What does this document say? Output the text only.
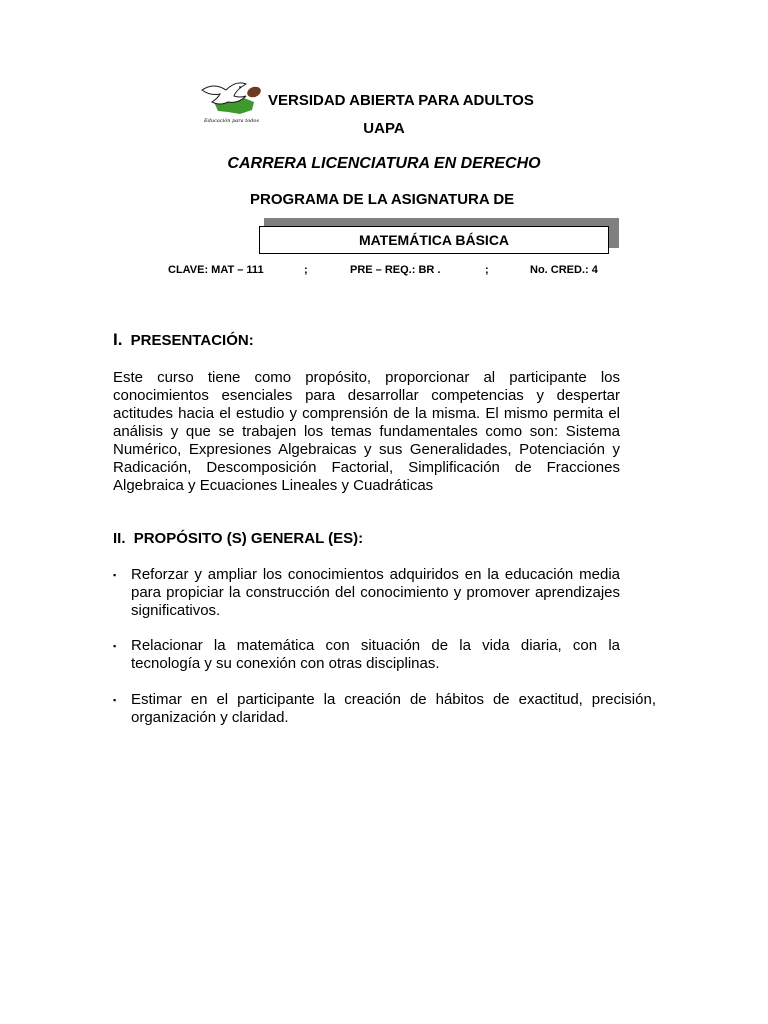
Educación para todos
VERSIDAD ABIERTA PARA ADULTOS
UAPA
CARRERA LICENCIATURA EN DERECHO
PROGRAMA DE LA ASIGNATURA DE
MATEMÁTICA BÁSICA
CLAVE: MAT – 111	;	PRE – REQ.: BR .	;	No. CRED.: 4
I. PRESENTACIÓN:
Este curso tiene como propósito, proporcionar al participante los conocimientos esenciales para desarrollar competencias y despertar actitudes hacia el estudio y comprensión de la misma. El mismo permita el análisis y que se trabajen los temas fundamentales como son: Sistema Numérico, Expresiones Algebraicas y sus Generalidades, Potenciación y Radicación, Descomposición Factorial, Simplificación de Fracciones Algebraica y Ecuaciones Lineales y Cuadráticas
II. PROPÓSITO (S) GENERAL (ES):
▪ Reforzar y ampliar los conocimientos adquiridos en la educación media para propiciar la construcción del conocimiento y promover aprendizajes significativos.
▪ Relacionar la matemática con situación de la vida diaria, con la tecnología y su conexión con otras disciplinas.
▪ Estimar en el participante la creación de hábitos de exactitud, precisión, organización y claridad.
